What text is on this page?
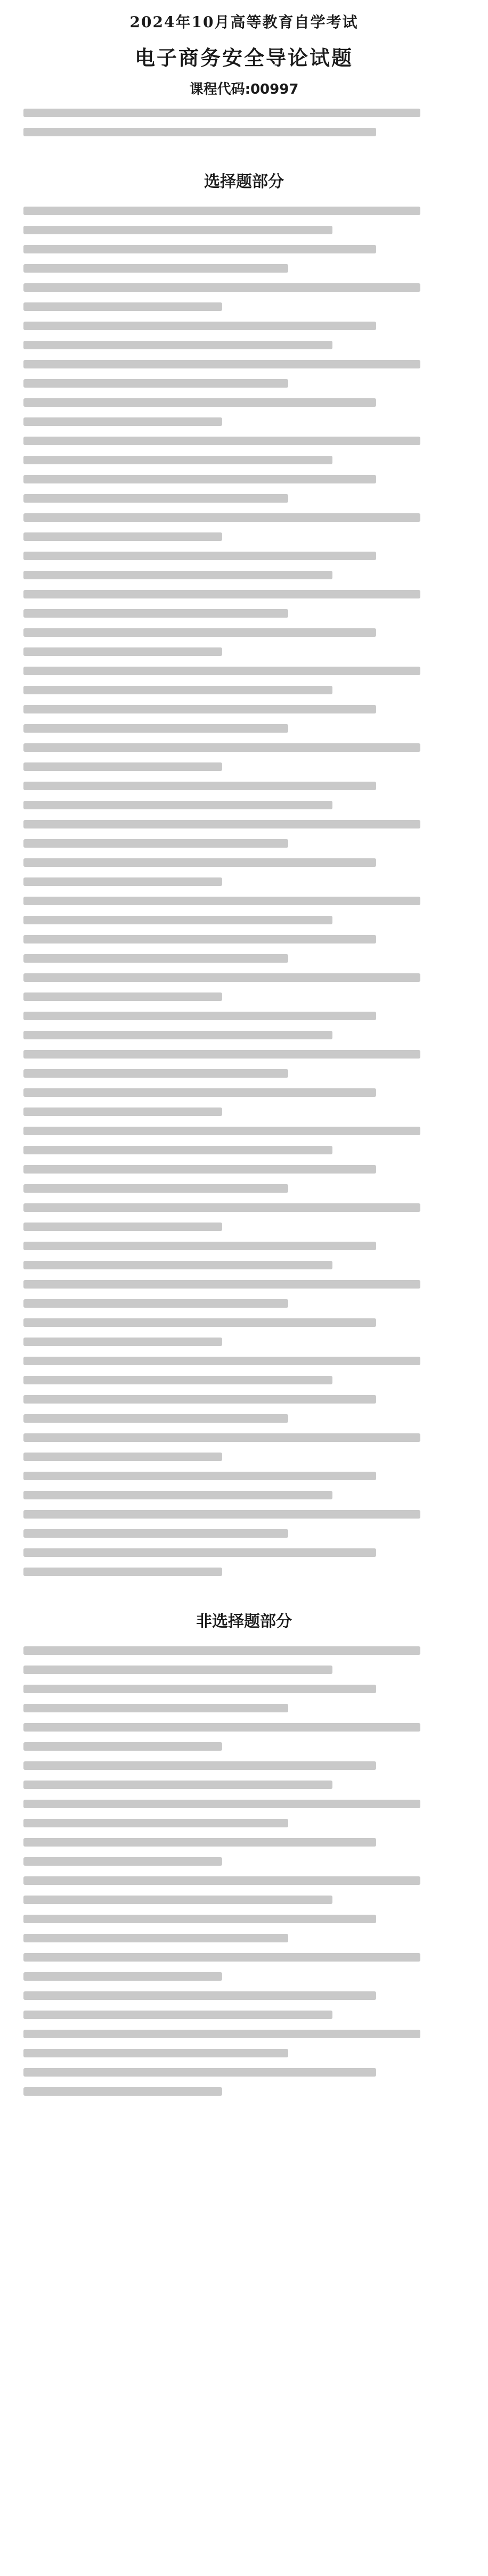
2024年10月高等教育自学考试
电子商务安全导论试题
课程代码:00997
选择题部分
非选择题部分
